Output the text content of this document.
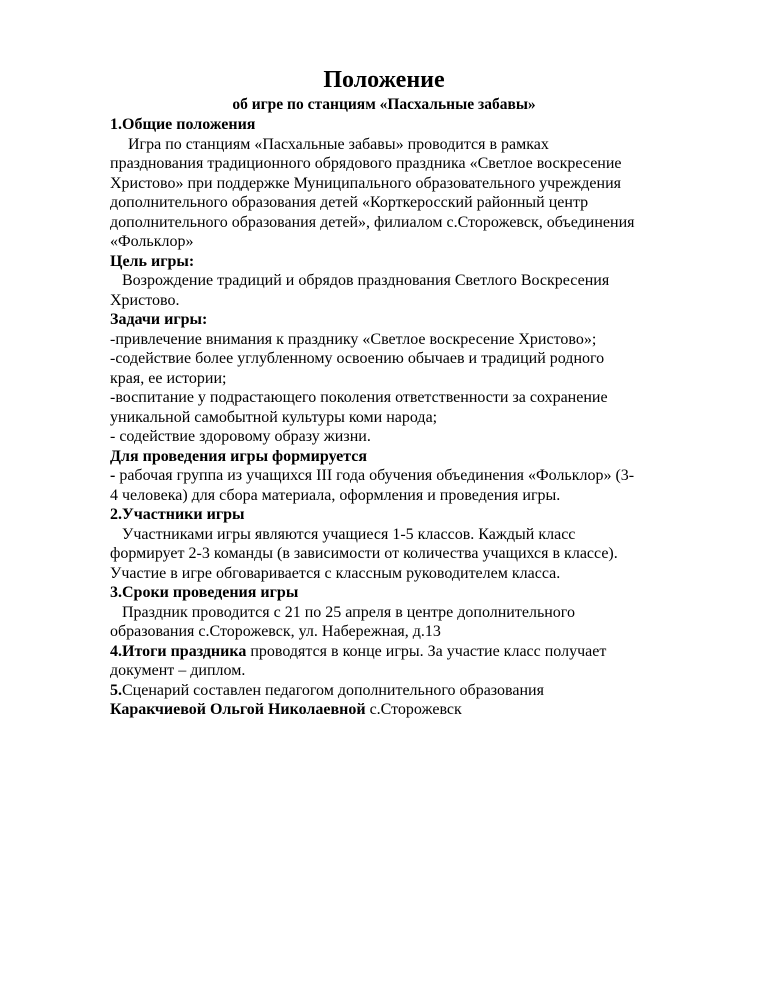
Положение
об игре по станциям «Пасхальные забавы»
1.Общие положения
Игра по станциям «Пасхальные забавы» проводится в рамках
празднования традиционного обрядового праздника «Светлое воскресение
Христово» при поддержке Муниципального образовательного учреждения
дополнительного образования детей «Корткеросский районный центр
дополнительного образования детей», филиалом с.Сторожевск, объединения
«Фольклор»
Цель игры:
Возрождение традиций и обрядов празднования Светлого Воскресения
Христово.
Задачи игры:
-привлечение внимания к празднику «Светлое воскресение Христово»;
-содействие более углубленному освоению обычаев и традиций родного
края, ее истории;
-воспитание у подрастающего поколения ответственности за сохранение
уникальной самобытной культуры коми народа;
- содействие здоровому образу жизни.
Для проведения игры формируется
- рабочая группа из учащихся III года обучения объединения «Фольклор» (3-
4 человека) для сбора материала, оформления и проведения игры.
2.Участники игры
Участниками игры являются учащиеся 1-5 классов. Каждый класс
формирует 2-3 команды (в зависимости от количества учащихся в классе).
Участие в игре обговаривается с классным руководителем класса.
3.Сроки проведения игры
Праздник проводится с 21 по 25 апреля в центре дополнительного
образования с.Сторожевск, ул. Набережная, д.13
4.Итоги праздника проводятся в конце игры. За участие класс получает
документ – диплом.
5.Сценарий составлен педагогом дополнительного образования
Каракчиевой Ольгой Николаевной с.Сторожевск
